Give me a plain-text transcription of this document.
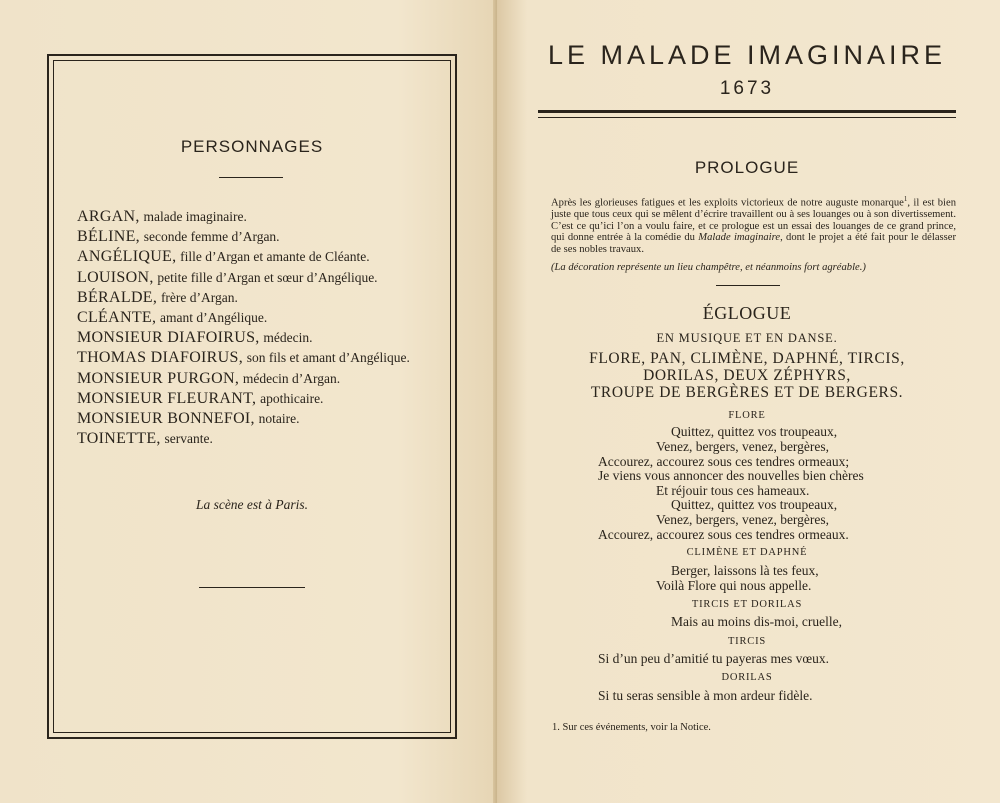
PERSONNAGES
ARGAN, malade imaginaire.
BÉLINE, seconde femme d’Argan.
ANGÉLIQUE, fille d’Argan et amante de Cléante.
LOUISON, petite fille d’Argan et sœur d’Angélique.
BÉRALDE, frère d’Argan.
CLÉANTE, amant d’Angélique.
MONSIEUR DIAFOIRUS, médecin.
THOMAS DIAFOIRUS, son fils et amant d’Angélique.
MONSIEUR PURGON, médecin d’Argan.
MONSIEUR FLEURANT, apothicaire.
MONSIEUR BONNEFOI, notaire.
TOINETTE, servante.
La scène est à Paris.
LE MALADE IMAGINAIRE
1673
PROLOGUE

Après les glorieuses fatigues et les exploits victorieux de notre auguste monarque$^1$, il est bien juste que tous ceux qui se mêlent d’écrire travaillent ou à ses louanges ou à son divertissement. C’est ce qu’ici l’on a voulu faire, et ce prologue est un essai des louanges de ce grand prince, qui donne entrée à la comédie du Malade imaginaire, dont le projet a été fait pour le délasser de ses nobles travaux.

(La décoration représente un lieu champêtre, et néanmoins fort agréable.)
ÉGLOGUE
EN MUSIQUE ET EN DANSE.
FLORE, PAN, CLIMÈNE, DAPHNÉ, TIRCIS,
DORILAS, DEUX ZÉPHYRS,
TROUPE DE BERGÈRES ET DE BERGERS.
FLORE
Quittez, quittez vos troupeaux,
Venez, bergers, venez, bergères,
Accourez, accourez sous ces tendres ormeaux;
Je viens vous annoncer des nouvelles bien chères
Et réjouir tous ces hameaux.
Quittez, quittez vos troupeaux,
Venez, bergers, venez, bergères,
Accourez, accourez sous ces tendres ormeaux.
CLIMÈNE ET DAPHNÉ
Berger, laissons là tes feux,
Voilà Flore qui nous appelle.
TIRCIS ET DORILAS
Mais au moins dis-moi, cruelle,
TIRCIS
Si d’un peu d’amitié tu payeras mes vœux.
DORILAS
Si tu seras sensible à mon ardeur fidèle.
1. Sur ces événements, voir la Notice.
